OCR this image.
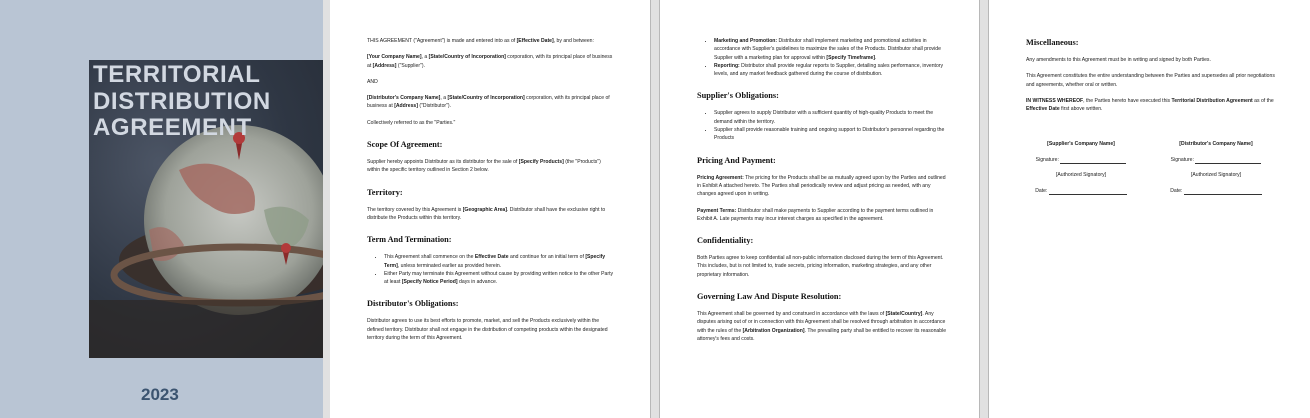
TERRITORIAL
DISTRIBUTION
AGREEMENT
2023

THIS AGREEMENT ("Agreement") is made and entered into as of [Effective Date], by and between:

[Your Company Name], a [State/Country of Incorporation] corporation, with its principal place of business at [Address] ("Supplier").

AND

[Distributor's Company Name], a [State/Country of Incorporation] corporation, with its principal place of business at [Address] ("Distributor").

Collectively referred to as the "Parties."

Scope Of Agreement:

Supplier hereby appoints Distributor as its distributor for the sale of [Specify Products] (the "Products") within the specific territory outlined in Section 2 below.

Territory:

The territory covered by this Agreement is [Geographic Area]. Distributor shall have the exclusive right to distribute the Products within this territory.

Term And Termination:
• This Agreement shall commence on the Effective Date and continue for an initial term of [Specify Term], unless terminated earlier as provided herein.
• Either Party may terminate this Agreement without cause by providing written notice to the other Party at least [Specify Notice Period] days in advance.
Distributor's Obligations:

Distributor agrees to use its best efforts to promote, market, and sell the Products exclusively within the defined territory. Distributor shall not engage in the distribution of competing products within the designated territory during the term of this Agreement.

• Marketing and Promotion: Distributor shall implement marketing and promotional activities in accordance with Supplier's guidelines to maximize the sales of the Products. Distributor shall provide Supplier with a marketing plan for approval within [Specify Timeframe].
• Reporting: Distributor shall provide regular reports to Supplier, detailing sales performance, inventory levels, and any market feedback gathered during the course of distribution.
Supplier's Obligations:
• Supplier agrees to supply Distributor with a sufficient quantity of high-quality Products to meet the demand within the territory.
• Supplier shall provide reasonable training and ongoing support to Distributor's personnel regarding the Products
Pricing And Payment:

Pricing Agreement: The pricing for the Products shall be as mutually agreed upon by the Parties and outlined in Exhibit A attached hereto. The Parties shall periodically review and adjust pricing as needed, with any changes agreed upon in writing.

Payment Terms: Distributor shall make payments to Supplier according to the payment terms outlined in Exhibit A. Late payments may incur interest charges as specified in the agreement.

Confidentiality:

Both Parties agree to keep confidential all non-public information disclosed during the term of this Agreement. This includes, but is not limited to, trade secrets, pricing information, marketing strategies, and any other proprietary information.

Governing Law And Dispute Resolution:

This Agreement shall be governed by and construed in accordance with the laws of [State/Country]. Any disputes arising out of or in connection with this Agreement shall be resolved through arbitration in accordance with the rules of the [Arbitration Organization]. The prevailing party shall be entitled to recover its reasonable attorney's fees and costs.

Miscellaneous:

Any amendments to this Agreement must be in writing and signed by both Parties.

This Agreement constitutes the entire understanding between the Parties and supersedes all prior negotiations and agreements, whether oral or written.

IN WITNESS WHEREOF, the Parties hereto have executed this Territorial Distribution Agreement as of the Effective Date first above written.

[Supplier's Company Name]
Signature:
[Authorized Signatory]
Date:
[Distributor's Company Name]
Signature:
[Authorized Signatory]
Date:
